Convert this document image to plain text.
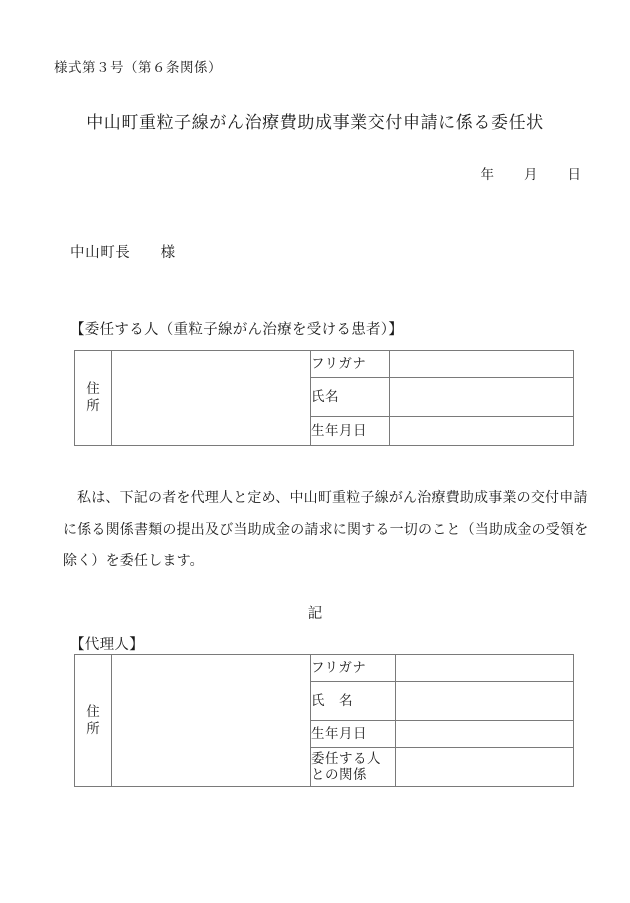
様式第３号（第６条関係）
中山町重粒子線がん治療費助成事業交付申請に係る委任状
年　　月　　日
中山町長　　様
【委任する人（重粒子線がん治療を受ける患者）】
住
所		フリガナ	
		氏名	
		生年月日	
私は、下記の者を代理人と定め、中山町重粒子線がん治療費助成事業の交付申請
に係る関係書類の提出及び当助成金の請求に関する一切のこと（当助成金の受領を
除く）を委任します。
記
【代理人】
住
所		フリガナ	
		氏　名	
		生年月日	
		委任する人
との関係	
